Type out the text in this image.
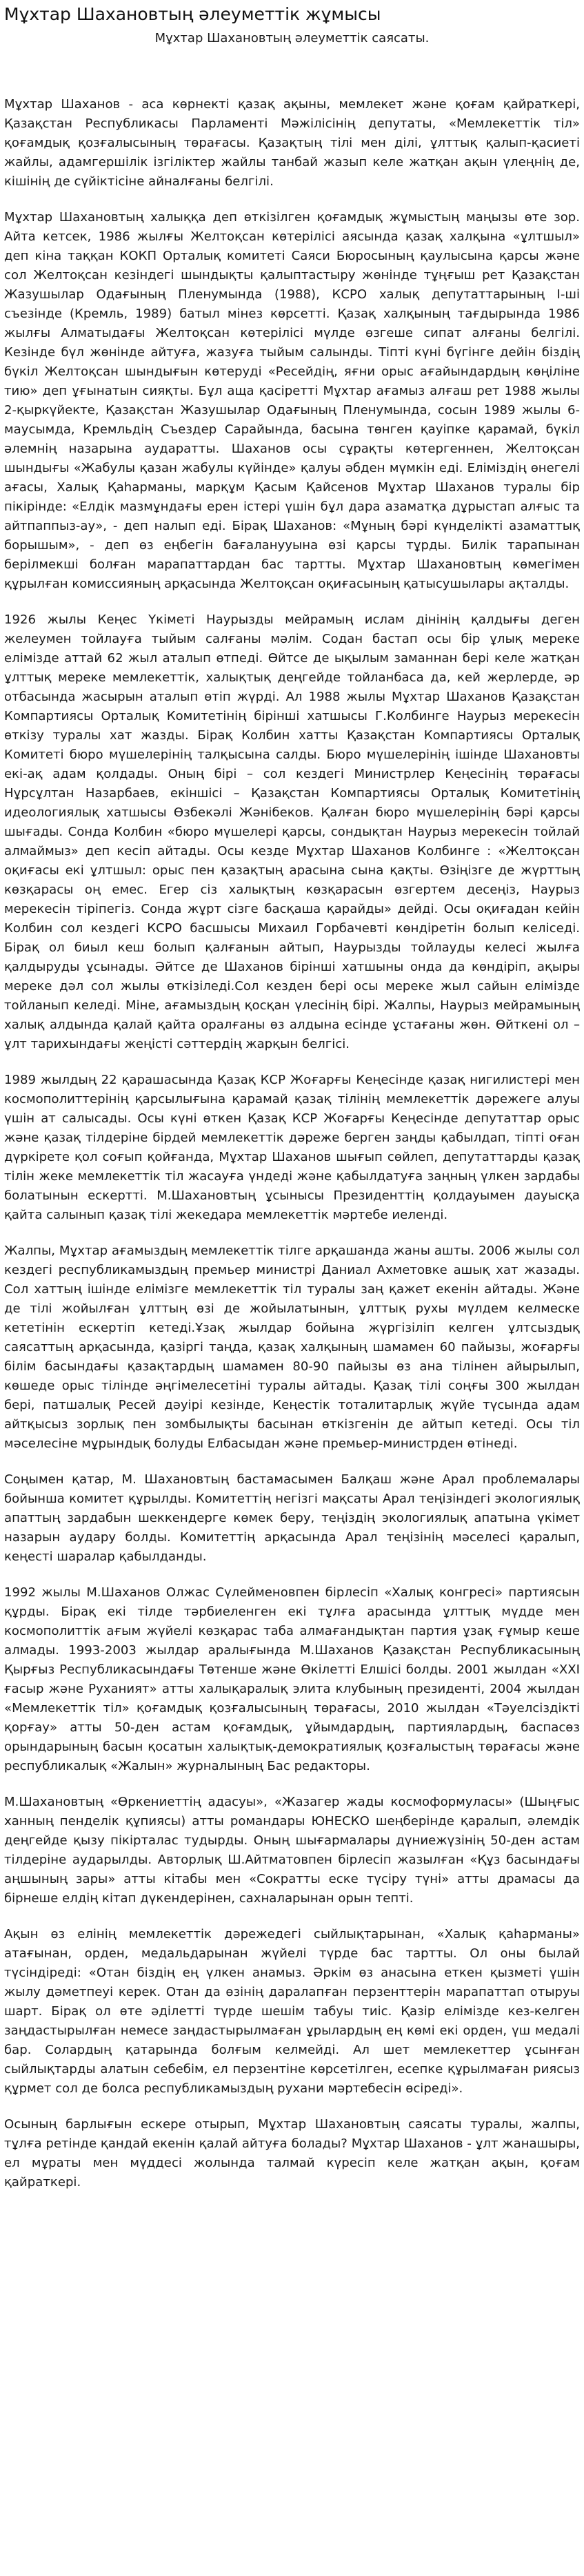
Мұхтар Шахановтың әлеуметтік жұмысы
Мұхтар Шахановтың әлеуметтік саясаты.

Мұхтар Шаханов - аса көрнекті қазақ ақыны, мемлекет және қоғам қайраткері, Қазақстан Республикасы Парламенті Мәжілісінің депутаты, «Мемлекеттік тіл» қоғамдық қозғалысының төрағасы. Қазақтың тілі мен ділі, ұлттық қалып-қасиеті жайлы, адамгершілік ізгіліктер жайлы танбай жазып келе жатқан ақын үлеңнің де, кішінің де сүйіктісіне айналғаны белгілі.

Мұхтар Шахановтың халыққа деп өткізілген қоғамдық жұмыстың маңызы өте зор. Айта кетсек, 1986 жылғы Желтоқсан көтерілісі аясында қазақ халқына «ұлтшыл» деп кіна таққан КОКП Орталық комитеті Саяси Бюросының қаулысына қарсы және сол Желтоқсан кезіндегі шындықты қалыптастыру жөнінде тұңғыш рет Қазақстан Жазушылар Одағының Пленумында (1988), КСРО халық депутаттарының I-ші съезінде (Кремль, 1989) батыл мінез көрсетті. Қазақ халқының тағдырында 1986 жылғы Алматыдағы Желтоқсан көтерілісі мүлде өзгеше сипат алғаны белгілі. Кезінде бүл жөнінде айтуға, жазуға тыйым салынды. Тіпті күні бүгінге дейін біздің бүкіл Желтоқсан шындығын көтеруді «Ресейдің, яғни орыс ағайындардың көңіліне тию» деп ұғынатын сияқты. Бұл аща қасіретті Мұхтар ағамыз алғаш рет 1988 жылы 2-қыркүйекте, Қазақстан Жазушылар Одағының Пленумында, сосын 1989 жылы 6-маусымда, Кремльдің Съездер Сарайында, басына төнген қауіпке қарамай, бүкіл әлемнің назарына аударатты. Шаханов осы сұрақты көтергеннен, Желтоқсан шындығы «Жабулы қазан жабулы күйінде» қалуы әбден мүмкін еді. Еліміздің өнегелі ағасы, Халық Қаһарманы, марқұм Қасым Қайсенов Мұхтар Шаханов туралы бір пікірінде: «Елдік мазмұндағы ерен істері үшін бұл дара азаматқа дұрыстап алғыс та айтпаппыз-ау», - деп налып еді. Бірақ Шаханов: «Мұның бәрі күнделікті азаматтық борышым», - деп өз еңбегін бағаланууына өзі қарсы тұрды. Билік тарапынан берілмекші болған марапаттардан бас тартты. Мұхтар Шахановтың көмегімен құрылған комиссияның арқасында Желтоқсан оқиғасының қатысушылары ақталды.

1926 жылы Кеңес Үкіметі Наурызды мейрамың ислам дінінің қалдығы деген желеумен тойлауға тыйым салғаны мәлім. Содан бастап осы бір ұлық мереке елімізде аттай 62 жыл аталып өтпеді. Өйтсе де ықылым заманнан бері келе жатқан ұлттық мереке мемлекеттік, халықтық деңгейде тойланбаса да, кей жерлерде, әр отбасында жасырын аталып өтіп жүрді. Ал 1988 жылы Мұхтар Шаханов Қазақстан Компартиясы Орталық Комитетінің бірінші хатшысы Г.Колбинге Наурыз мерекесін өткізу туралы хат жазды. Бірақ Колбин хатты Қазақстан Компартиясы Орталық Комитеті бюро мүшелерінің талқысына салды. Бюро мүшелерінің ішінде Шахановты екі-ақ адам қолдады. Оның бірі – сол кездегі Министрлер Кеңесінің төрағасы Нұрсұлтан Назарбаев, екіншісі – Қазақстан Компартиясы Орталық Комитетінің идеологиялық хатшысы Өзбекәлі Жәнібеков. Қалған бюро мүшелерінің бәрі қарсы шығады. Сонда Колбин «бюро мүшелері қарсы, сондықтан Наурыз мерекесін тойлай алмаймыз» деп кесіп айтады. Осы кезде Мұхтар Шаханов Колбинге : «Желтоқсан оқиғасы екі ұлтшыл: орыс пен қазақтың арасына сына қақты. Өзіңізге де жүрттың көзқарасы оң емес. Егер сіз халықтың көзқарасын өзгертем десеңіз, Наурыз мерекесін тіріпегіз. Сонда жұрт сізге басқаша қарайды» дейді. Осы оқиғадан кейін Колбин сол кездегі КСРО басшысы Михаил Горбачевті көндіретін болып келіседі. Бірақ ол биыл кеш болып қалғанын айтып, Наурызды тойлауды келесі жылға қалдыруды ұсынады. Әйтсе де Шаханов бірінші хатшыны онда да көндіріп, ақыры мереке дәл сол жылы өткізіледі.Сол кезден бері осы мереке жыл сайын елімізде тойланып келеді. Міне, ағамыздың қосқан үлесінің бірі. Жалпы, Наурыз мейрамының халық алдында қалай қайта оралғаны өз алдына есінде ұстағаны жөн. Өйткені ол – ұлт тарихындағы жеңісті сәттердің жарқын белгісі.

1989 жылдың 22 қарашасында Қазақ КСР Жоғарғы Кеңесінде қазақ нигилистері мен космополиттерінің қарсылығына қарамай қазақ тілінің мемлекеттік дәрежеге алуы үшін ат салысады. Осы күні өткен Қазақ КСР Жоғарғы Кеңесінде депутаттар орыс және қазақ тілдеріне бірдей мемлекеттік дәреже берген заңды қабылдап, тіпті оған дүркірете қол соғып қойғанда, Мұхтар Шаханов шығып сөйлеп, депутаттарды қазақ тілін жеке мемлекеттік тіл жасауға үндеді және қабылдатуға заңның үлкен зардабы болатынын ескертті. М.Шахановтың ұсынысы Президенттің қолдауымен дауысқа қайта салынып қазақ тілі жекедара мемлекеттік мәртебе иеленді.

Жалпы, Мұхтар ағамыздың мемлекеттік тілге арқашанда жаны ашты. 2006 жылы сол кездегі республикамыздың премьер министрі Даниал Ахметовке ашық хат жазады. Сол хаттың ішінде елімізге мемлекеттік тіл туралы заң қажет екенін айтады. Және де тілі жойылған ұлттың өзі де жойылатынын, ұлттық рухы мүлдем келмеске кететінін ескертіп кетеді.Ұзақ жылдар бойына жүргізіліп келген ұлтсыздық саясаттың арқасында, қазіргі таңда, қазақ халқының шамамен 60 пайызы, жоғарғы білім басындағы қазақтардың шамамен 80-90 пайызы өз ана тілінен айырылып, көшеде орыс тілінде әңгімелесетіні туралы айтады. Қазақ тілі соңғы 300 жылдан бері, патшалық Ресей дәуірі кезінде, Кеңестік тоталитарлық жүйе түсында адам айтқысыз зорлық пен зомбылықты басынан өткізгенін де айтып кетеді. Осы тіл мәселесіне мұрындық болуды Елбасыдан және премьер-министрден өтінеді.

Соңымен қатар, М. Шахановтың бастамасымен Балқаш және Арал проблемалары бойынша комитет құрылды. Комитеттің негізгі мақсаты Арал теңізіндегі экологиялық апаттың зардабын шеккендерге көмек беру, теңіздің экологиялық апатына үкімет назарын аудару болды. Комитеттің арқасында Арал теңізінің мәселесі қаралып, кеңесті шаралар қабылданды.

1992 жылы М.Шаханов Олжас Сүлейменовпен бірлесіп «Халық конгресі» партиясын құрды. Бірақ екі тілде тәрбиеленген екі тұлға арасында ұлттық мүдде мен космополиттік ағым жүйелі көзқарас таба алмағандықтан партия ұзақ ғұмыр кеше алмады. 1993-2003 жылдар аралығында М.Шаханов Қазақстан Республикасының Қырғыз Республикасындағы Төтенше және Өкілетті Елшісі болды. 2001 жылдан «ХХІ ғасыр және Руханият» атты халықаралық элита клубының президенті, 2004 жылдан «Мемлекеттік тіл» қоғамдық қозғалысының төрағасы, 2010 жылдан «Тәуелсіздікті қорғау» атты 50-ден астам қоғамдық, ұйымдардың, партиялардың, баспасөз орындарының басын қосатын халықтық-демократиялық қозғалыстың төрағасы және республикалық «Жалын» журналының Бас редакторы.

М.Шахановтың «Өркениеттің адасуы», «Жазагер жады космоформуласы» (Шыңғыс ханның пенделік құпиясы) атты романдары ЮНЕСКО шеңберінде қаралып, әлемдік деңгейде қызу пікірталас тудырды. Оның шығармалары дүниежүзінің 50-ден астам тілдеріне аударылды. Авторлық Ш.Айтматовпен бірлесіп жазылған «Құз басындағы аңшының зары» атты кітабы мен «Сократты еске түсіру түні» атты драмасы да бірнеше елдің кітап дүкендерінен, сахналарынан орын тепті.

Ақын өз елінің мемлекеттік дәрежедегі сыйлықтарынан, «Халық қаһарманы» атағынан, орден, медальдарынан жүйелі түрде бас тартты. Ол оны былай түсіндіреді: «Отан біздің ең үлкен анамыз. Әркім өз анасына еткен қызметі үшін жылу дәметпеуі керек. Отан да өзінің даралапған перзенттерін марапаттап отыруы шарт. Бірақ ол өте әділетті түрде шешім табуы тиіс. Қазір елімізде кез-келген заңдастырылған немесе заңдастырылмаған ұрылардың ең көмі екі орден, үш медалі бар. Солардың қатарында болғым келмейді. Ал шет мемлекеттер ұсынған сыйлықтарды алатын себебім, ел перзентіне көрсетілген, есепке құрылмаған риясыз құрмет сол де болса республикамыздың рухани мәртебесін өсіреді».

Осының барлығын ескере отырып, Мұхтар Шахановтың саясаты туралы, жалпы, тұлға ретінде қандай екенін қалай айтуға болады? Мұхтар Шаханов - ұлт жанашыры, ел мұраты мен мүддесі жолында талмай күресіп келе жатқан ақын, қоғам қайраткері.
